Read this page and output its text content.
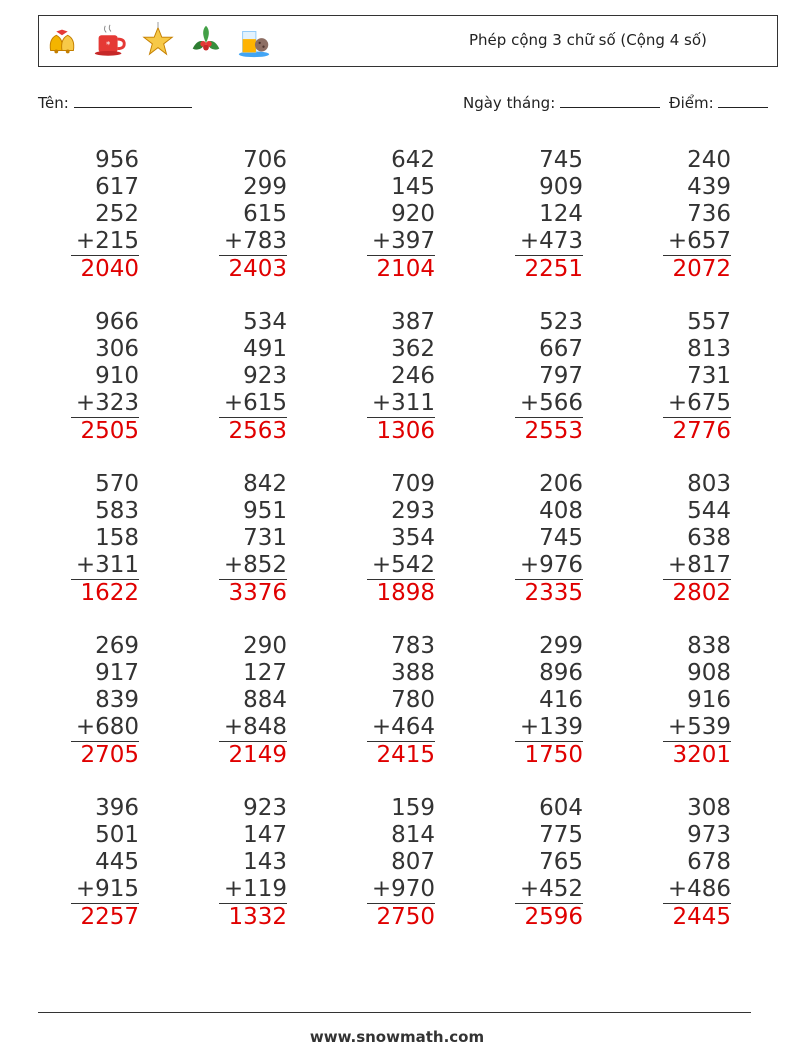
*	Phép cộng 3 chữ số (Cộng 4 số)
Tên:	Ngày tháng:	Điểm:
956
617
252
+215
2040
706
299
615
+783
2403
642
145
920
+397
2104
745
909
124
+473
2251
240
439
736
+657
2072
966
306
910
+323
2505
534
491
923
+615
2563
387
362
246
+311
1306
523
667
797
+566
2553
557
813
731
+675
2776
570
583
158
+311
1622
842
951
731
+852
3376
709
293
354
+542
1898
206
408
745
+976
2335
803
544
638
+817
2802
269
917
839
+680
2705
290
127
884
+848
2149
783
388
780
+464
2415
299
896
416
+139
1750
838
908
916
+539
3201
396
501
445
+915
2257
923
147
143
+119
1332
159
814
807
+970
2750
604
775
765
+452
2596
308
973
678
+486
2445
www.snowmath.com
